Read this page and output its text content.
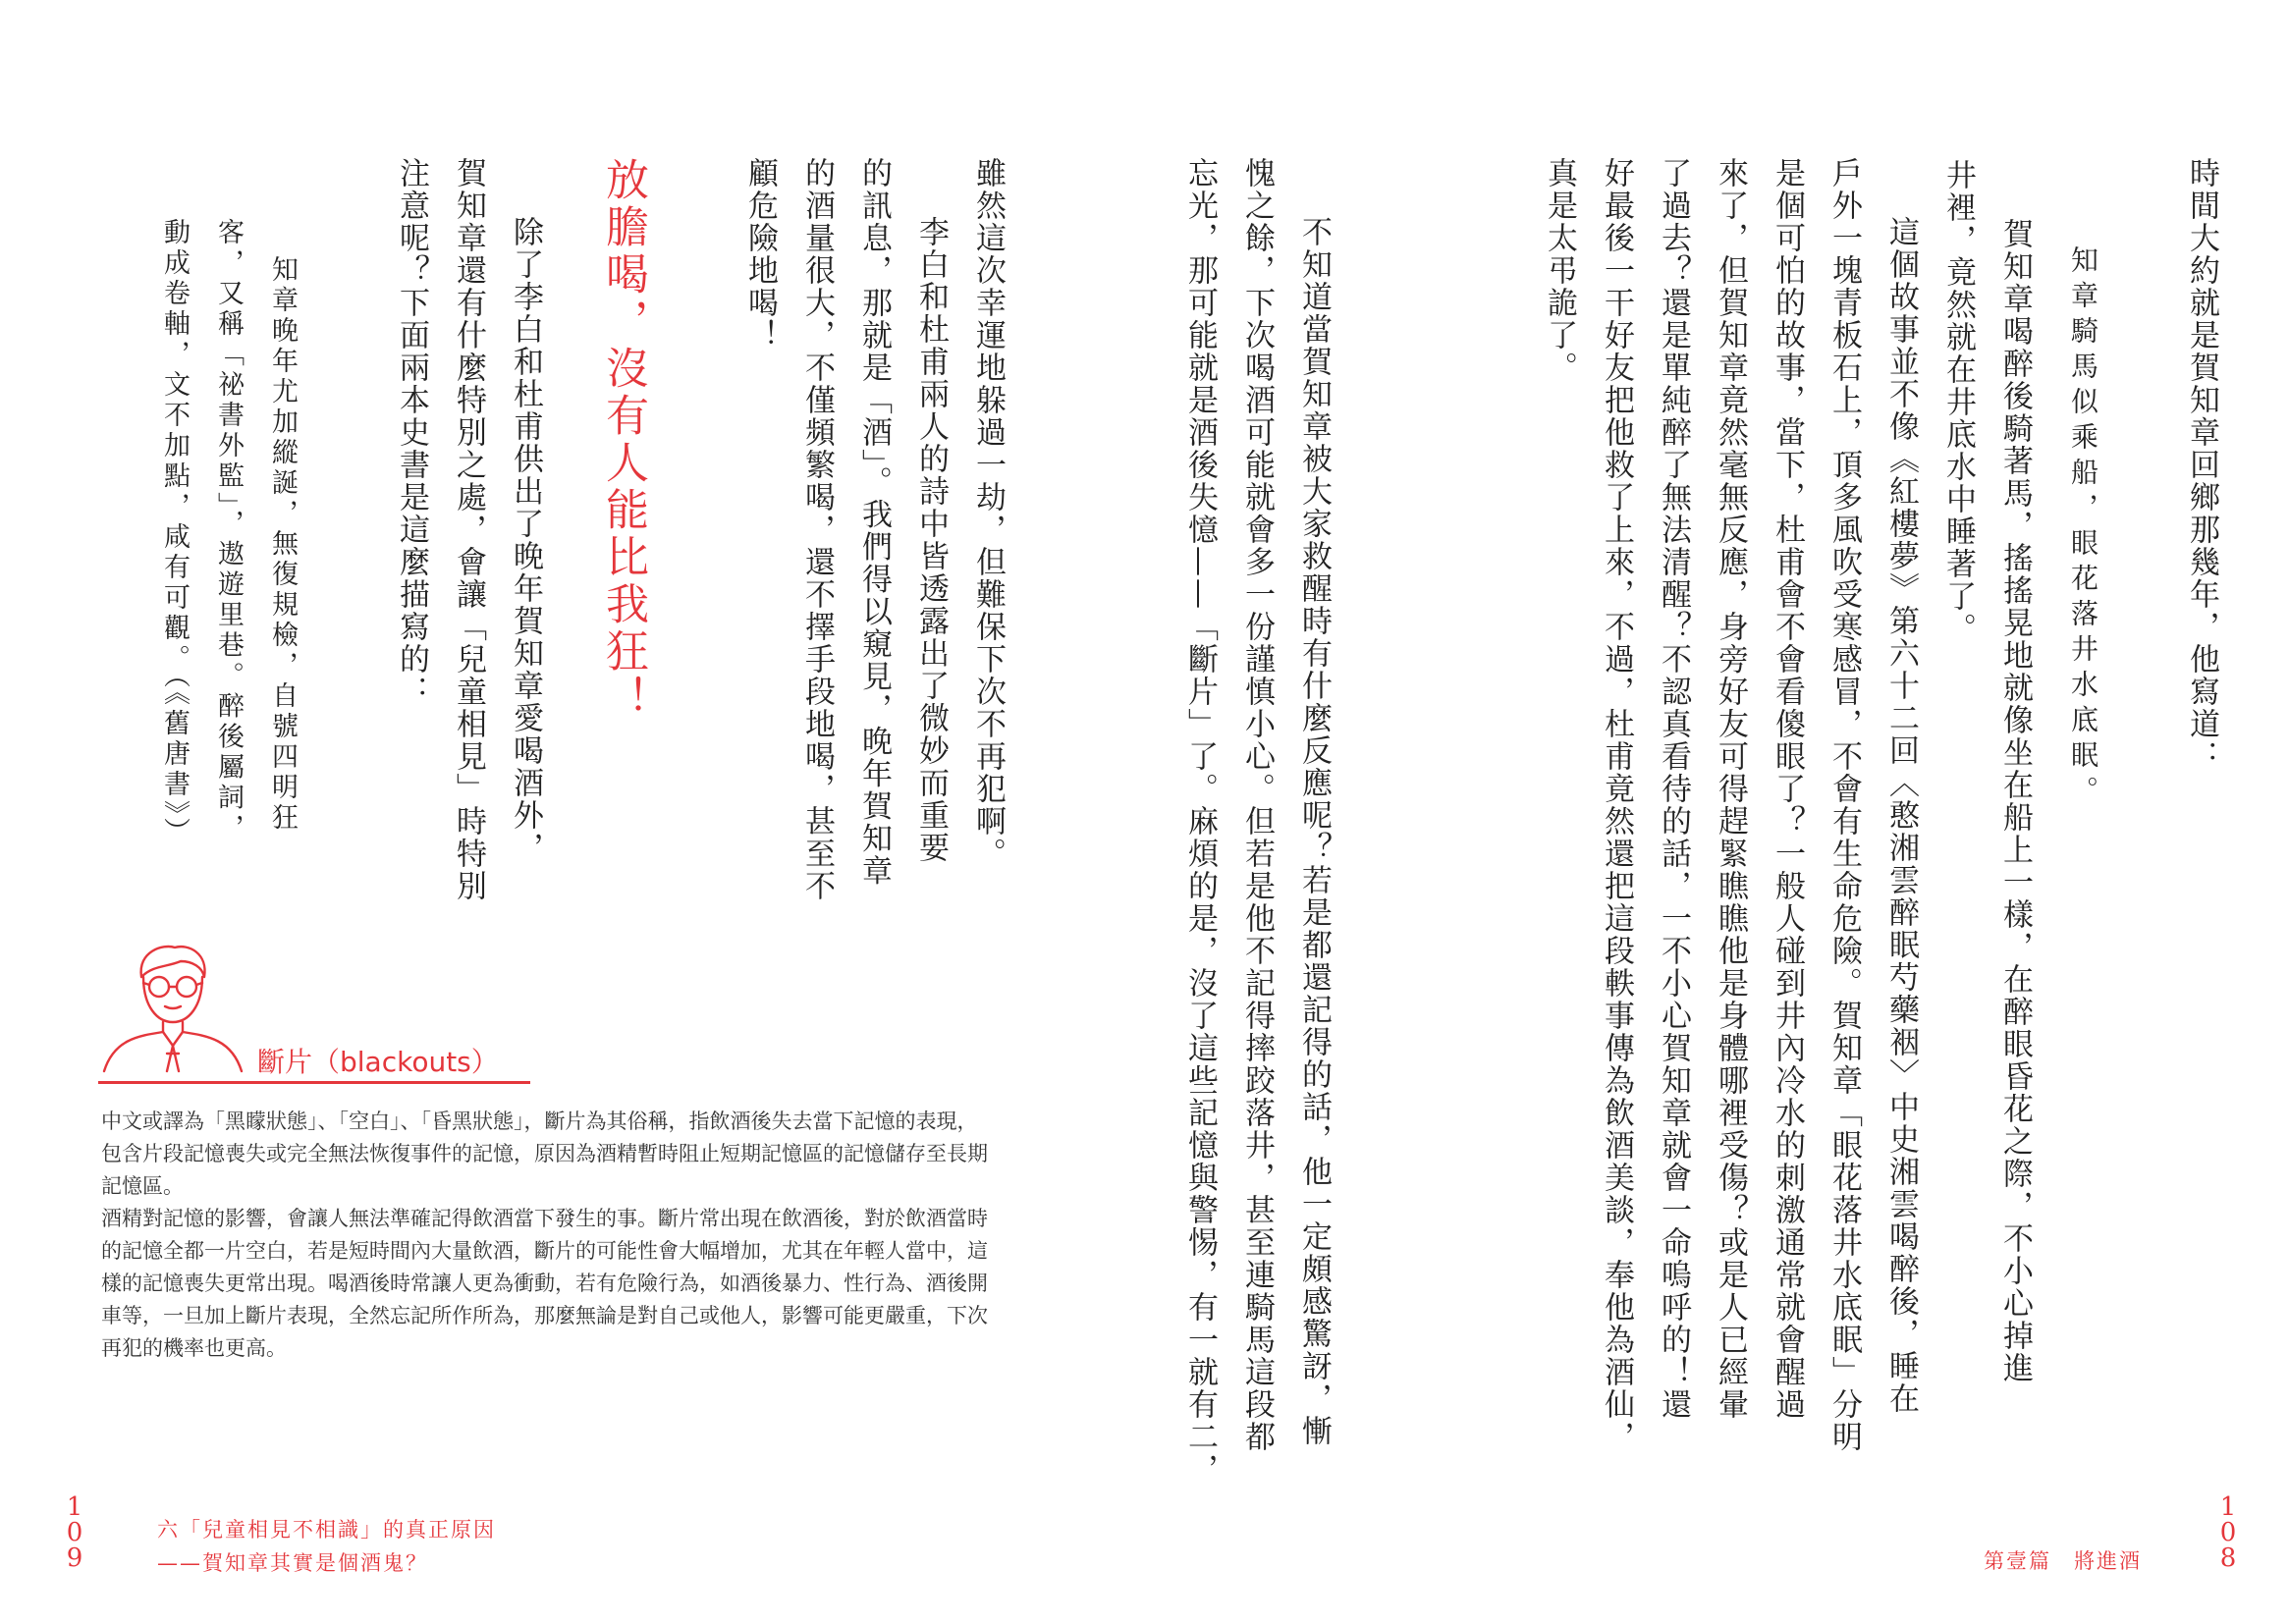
時間大約就是賀知章回鄉那幾年，他寫道：
知章騎馬似乘船，眼花落井水底眠。
賀知章喝醉後騎著馬，搖搖晃地就像坐在船上一樣，在醉眼昏花之際，不小心掉進
井裡，竟然就在井底水中睡著了。
這個故事並不像《紅樓夢》第六十二回〈憨湘雲醉眠芍藥裀〉中史湘雲喝醉後，睡在
戶外一塊青板石上，頂多風吹受寒感冒，不會有生命危險。賀知章「眼花落井水底眠」分明
是個可怕的故事，當下，杜甫會不會看傻眼了？一般人碰到井內冷水的刺激通常就會醒過
來了，但賀知章竟然毫無反應，身旁好友可得趕緊瞧瞧他是身體哪裡受傷？或是人已經暈
了過去？還是單純醉了無法清醒？不認真看待的話，一不小心賀知章就會一命嗚呼的！還
好最後一干好友把他救了上來，不過，杜甫竟然還把這段軼事傳為飲酒美談，奉他為酒仙，
真是太弔詭了。
不知道當賀知章被大家救醒時有什麼反應呢？若是都還記得的話，他一定頗感驚訝，慚
愧之餘，下次喝酒可能就會多一份謹慎小心。但若是他不記得摔跤落井，甚至連騎馬這段都
忘光，那可能就是酒後失憶——「斷片」了。麻煩的是，沒了這些記憶與警惕，有一就有二，
108
第壹篇　將進酒
雖然這次幸運地躲過一劫，但難保下次不再犯啊。
李白和杜甫兩人的詩中皆透露出了微妙而重要
的訊息，那就是「酒」。我們得以窺見，晚年賀知章
的酒量很大，不僅頻繁喝，還不擇手段地喝，甚至不
顧危險地喝！
放膽喝，沒有人能比我狂！
除了李白和杜甫供出了晚年賀知章愛喝酒外，
賀知章還有什麼特別之處，會讓「兒童相見」時特別
注意呢？下面兩本史書是這麼描寫的：
知章晚年尤加縱誕，無復規檢，自號四明狂
客，又稱「祕書外監」，遨遊里巷。醉後屬詞，
動成卷軸，文不加點，咸有可觀。（《舊唐書》）
斷片（blackouts）

中文或譯為「黑矇狀態」、「空白」、「昏黑狀態」，斷片為其俗稱，指飲酒後失去當下記憶的表現，包含片段記憶喪失或完全無法恢復事件的記憶，原因為酒精暫時阻止短期記憶區的記憶儲存至長期記憶區。

酒精對記憶的影響，會讓人無法準確記得飲酒當下發生的事。斷片常出現在飲酒後，對於飲酒當時的記憶全都一片空白，若是短時間內大量飲酒，斷片的可能性會大幅增加，尤其在年輕人當中，這樣的記憶喪失更常出現。喝酒後時常讓人更為衝動，若有危險行為，如酒後暴力、性行為、酒後開車等，一旦加上斷片表現，全然忘記所作所為，那麼無論是對自己或他人，影響可能更嚴重，下次再犯的機率也更高。

109
六「兒童相見不相識」的真正原因
——賀知章其實是個酒鬼？
